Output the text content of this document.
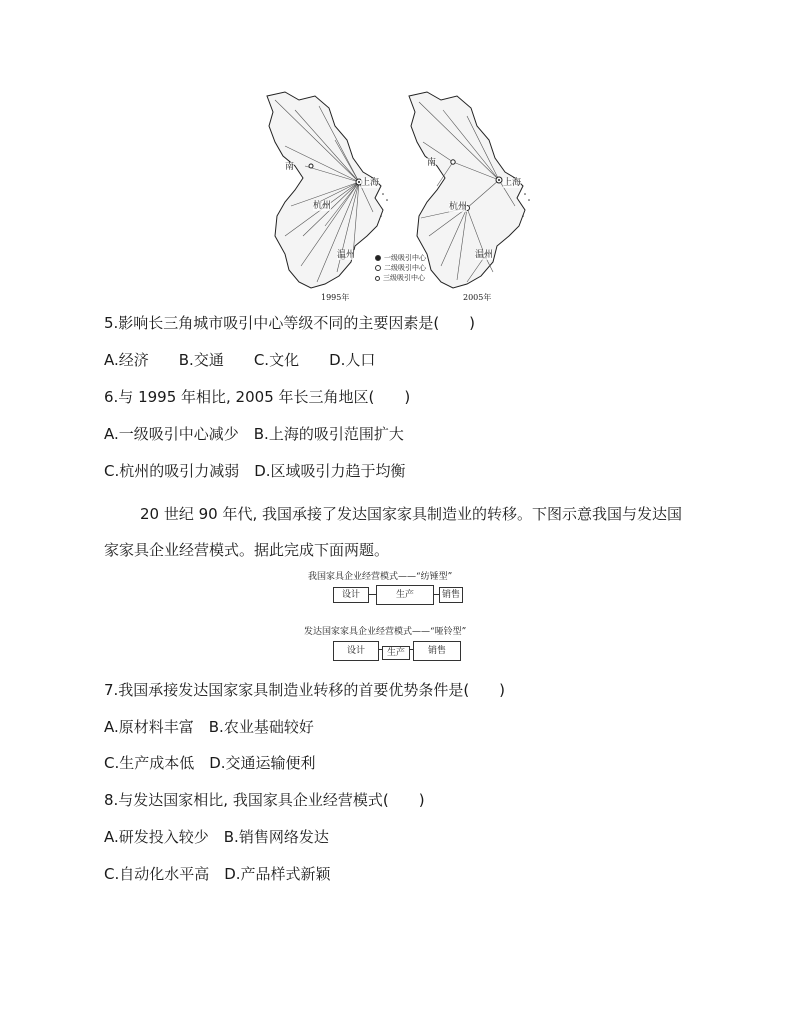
1995年
南
上海
杭州
温州
2005年
南
上海
杭州
温州
一级吸引中心
二级吸引中心
三级吸引中心
5.影响长三角城市吸引中心等级不同的主要因素是(　　)
A.经济　　B.交通　　C.文化　　D.人口
6.与 1995 年相比, 2005 年长三角地区(　　)
A.一级吸引中心减少　B.上海的吸引范围扩大
C.杭州的吸引力减弱　D.区域吸引力趋于均衡
20 世纪 90 年代, 我国承接了发达国家家具制造业的转移。下图示意我国与发达国家家具企业经营模式。据此完成下面两题。
我国家具企业经营模式——“纺锤型”
设计	生产	销售
发达国家家具企业经营模式——“哑铃型”
设计	生产	销售
7.我国承接发达国家家具制造业转移的首要优势条件是(　　)
A.原材料丰富　B.农业基础较好
C.生产成本低　D.交通运输便利
8.与发达国家相比, 我国家具企业经营模式(　　)
A.研发投入较少　B.销售网络发达
C.自动化水平高　D.产品样式新颖
